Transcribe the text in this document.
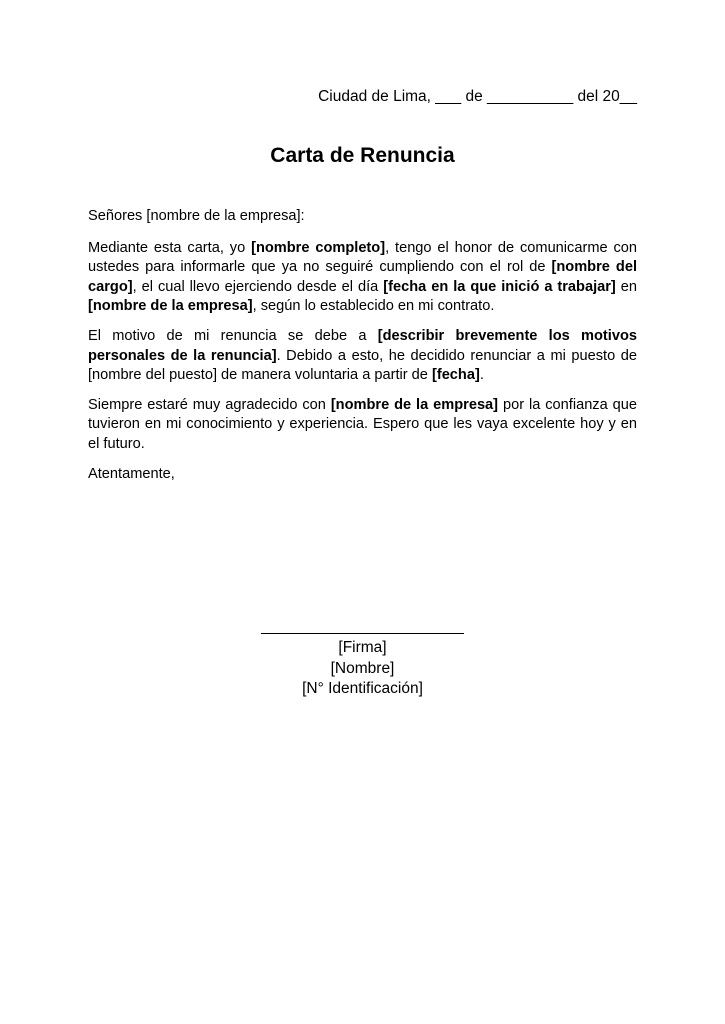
Ciudad de Lima, ___ de __________ del 20__
Carta de Renuncia

Señores [nombre de la empresa]:

Mediante esta carta, yo [nombre completo], tengo el honor de comunicarme con ustedes para informarle que ya no seguiré cumpliendo con el rol de [nombre del cargo], el cual llevo ejerciendo desde el día [fecha en la que inició a trabajar] en [nombre de la empresa], según lo establecido en mi contrato.

El motivo de mi renuncia se debe a [describir brevemente los motivos personales de la renuncia]. Debido a esto, he decidido renunciar a mi puesto de [nombre del puesto] de manera voluntaria a partir de [fecha].

Siempre estaré muy agradecido con [nombre de la empresa] por la confianza que tuvieron en mi conocimiento y experiencia. Espero que les vaya excelente hoy y en el futuro.

Atentamente,

[Firma]
[Nombre]
[N° Identificación]
